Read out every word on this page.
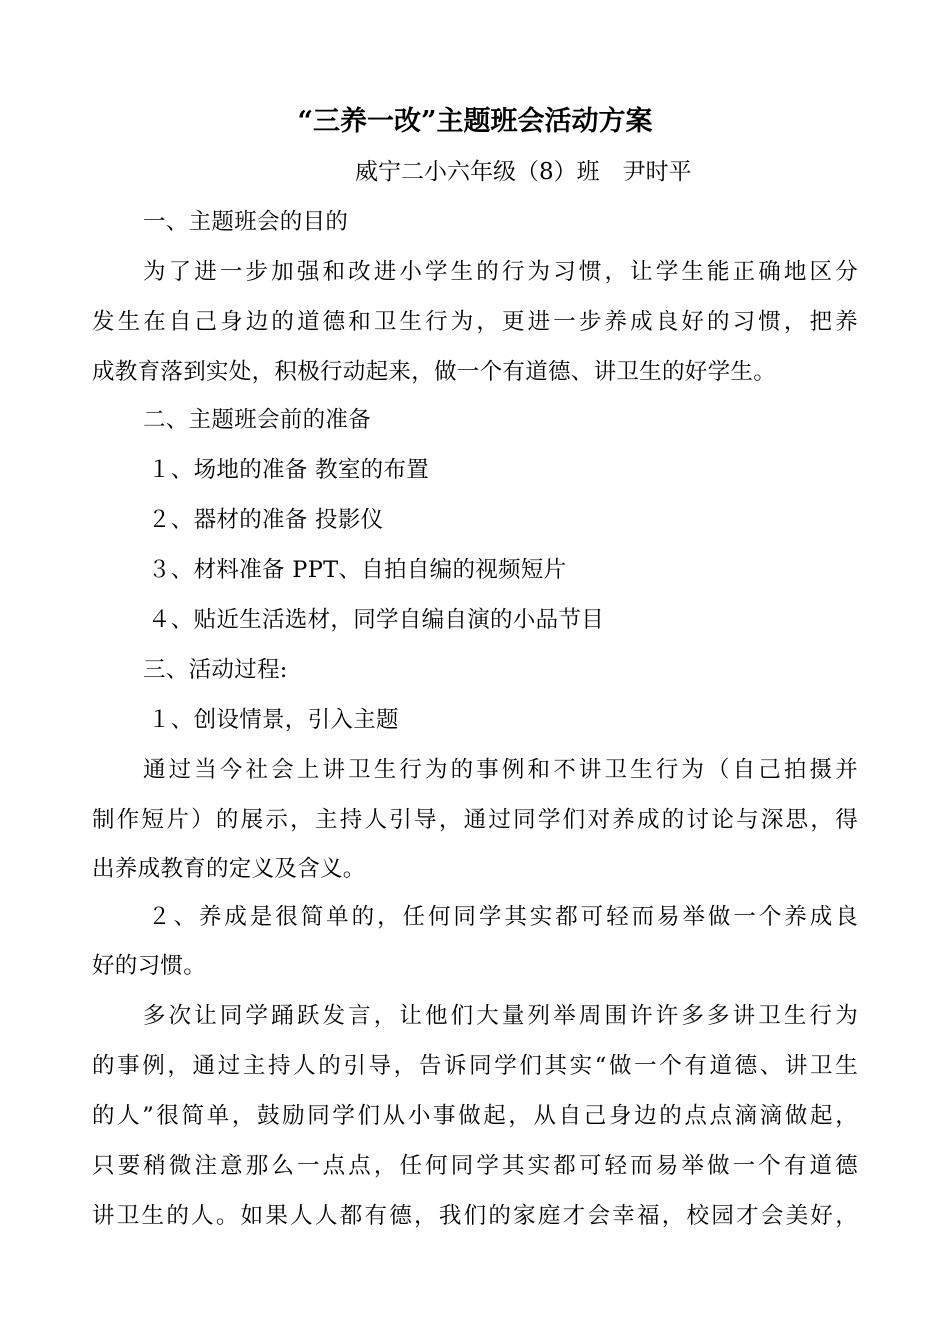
“三养一改”主题班会活动方案
威宁二小六年级（8）班　尹时平
一、主题班会的目的
为了进一步加强和改进小学生的行为习惯，让学生能正确地区分
发生在自己身边的道德和卫生行为，更进一步养成良好的习惯，把养
成教育落到实处，积极行动起来，做一个有道德、讲卫生的好学生。
二、主题班会前的准备
１、场地的准备 教室的布置
２、器材的准备 投影仪
３、材料准备 PPT、自拍自编的视频短片
４、贴近生活选材，同学自编自演的小品节目
三、活动过程:
１、创设情景，引入主题
通过当今社会上讲卫生行为的事例和不讲卫生行为（自己拍摄并
制作短片）的展示，主持人引导，通过同学们对养成的讨论与深思，得
出养成教育的定义及含义。
２、养成是很简单的，任何同学其实都可轻而易举做一个养成良
好的习惯。
多次让同学踊跃发言，让他们大量列举周围许许多多讲卫生行为
的事例，通过主持人的引导，告诉同学们其实“做一个有道德、讲卫生
的人”很简单，鼓励同学们从小事做起，从自己身边的点点滴滴做起，
只要稍微注意那么一点点，任何同学其实都可轻而易举做一个有道德
讲卫生的人。如果人人都有德，我们的家庭才会幸福，校园才会美好，
